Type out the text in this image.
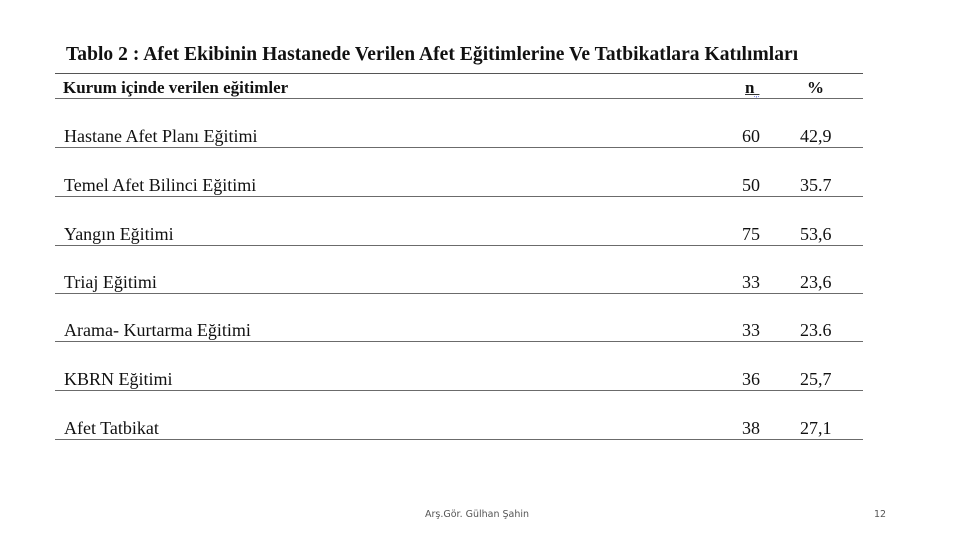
Tablo 2 : Afet Ekibinin Hastanede Verilen Afet Eğitimlerine Ve Tatbikatlara Katılımları
Kurum içinde verilen eğitimler	$n_{.,.}$	%
Hastane Afet Planı Eğitimi	60 42,9
Temel Afet Bilinci Eğitimi	50 35.7
Yangın Eğitimi	75 53,6
Triaj Eğitimi	33 23,6
Arama- Kurtarma Eğitimi	33 23.6
KBRN Eğitimi	36 25,7
Afet Tatbikat	38 27,1
Arş.Gör. Gülhan Şahin	12
